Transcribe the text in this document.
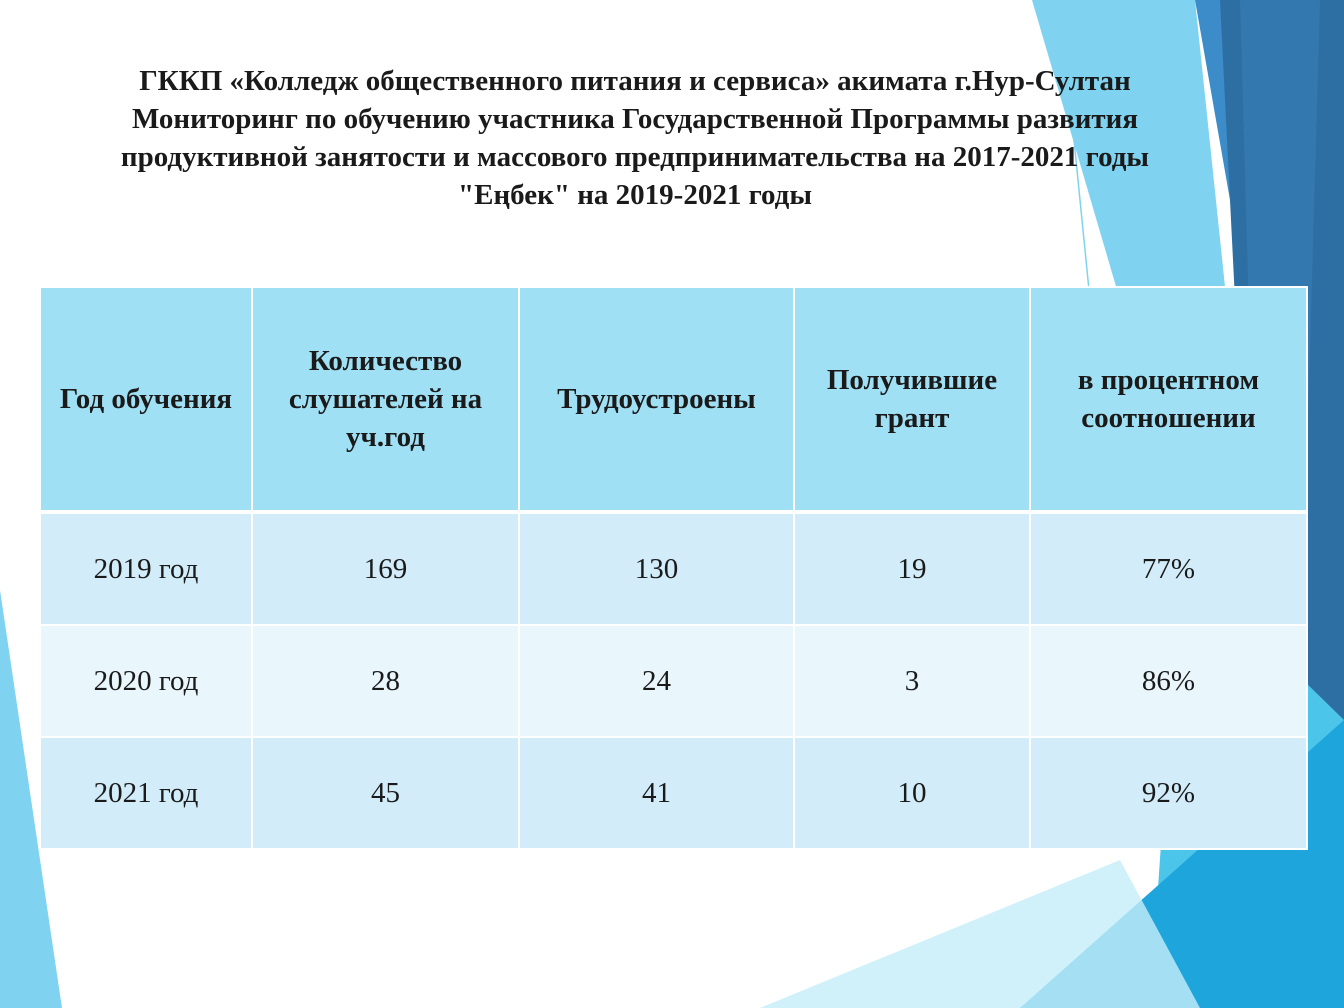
ГККП «Колледж общественного питания и сервиса» акимата г.Нур-Султан
Мониторинг по обучению участника Государственной Программы развития
продуктивной занятости и массового предпринимательства на 2017-2021 годы
"Еңбек" на 2019-2021 годы
Год обучения	Количество слушателей на уч.год	Трудоустроены	Получившие грант	в процентном соотношении
2019 год	169	130	19	77%
2020 год	28	24	3	86%
2021 год	45	41	10	92%
